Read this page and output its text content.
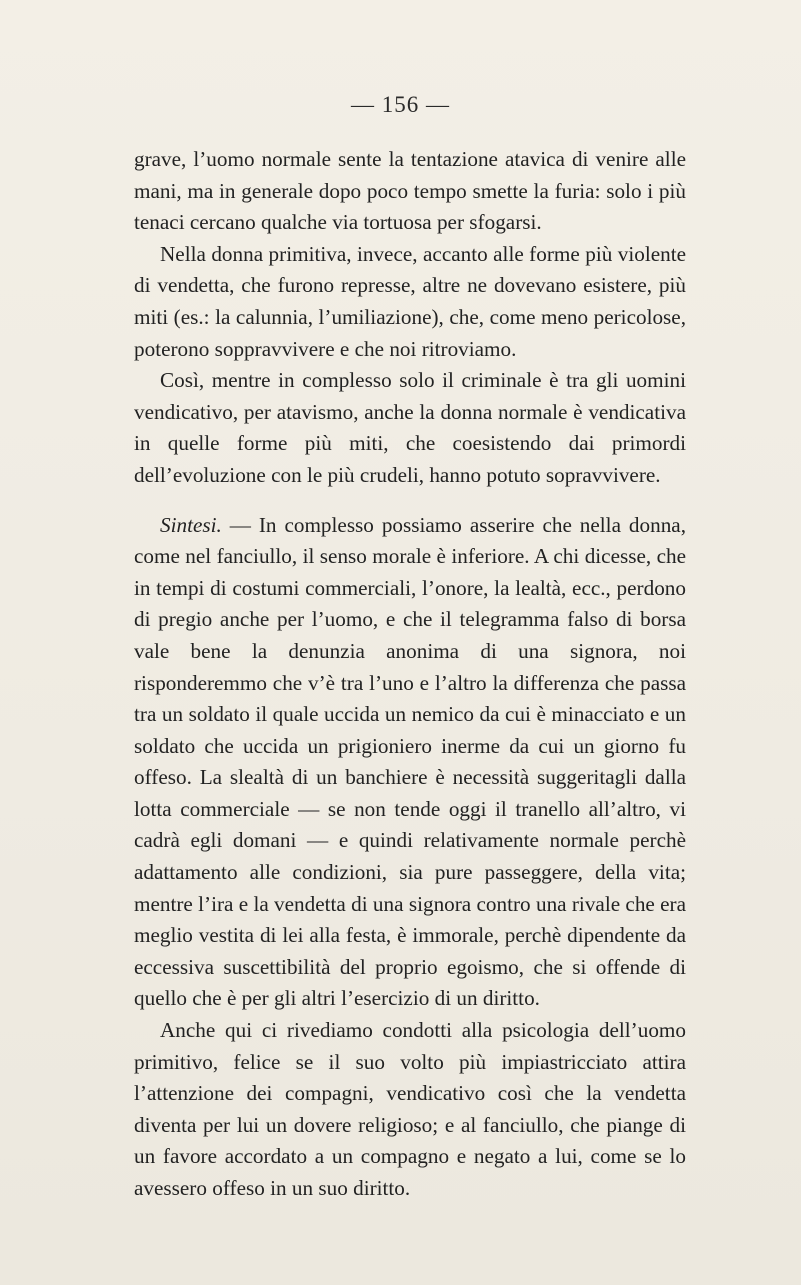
— 156 —

grave, l’uomo normale sente la tentazione atavica di venire alle mani, ma in generale dopo poco tempo smette la furia: solo i più tenaci cercano qualche via tortuosa per sfogarsi.

Nella donna primitiva, invece, accanto alle forme più violente di vendetta, che furono represse, altre ne dovevano esistere, più miti (es.: la calunnia, l’umiliazione), che, come meno pericolose, poterono soppravvivere e che noi ritroviamo.

Così, mentre in complesso solo il criminale è tra gli uomini vendicativo, per atavismo, anche la donna normale è vendicativa in quelle forme più miti, che coesistendo dai primordi dell’evoluzione con le più crudeli, hanno potuto sopravvivere.

Sintesi. — In complesso possiamo asserire che nella donna, come nel fanciullo, il senso morale è inferiore. A chi dicesse, che in tempi di costumi commerciali, l’onore, la lealtà, ecc., perdono di pregio anche per l’uomo, e che il telegramma falso di borsa vale bene la denunzia anonima di una signora, noi risponderemmo che v’è tra l’uno e l’altro la differenza che passa tra un soldato il quale uccida un nemico da cui è minacciato e un soldato che uccida un prigioniero inerme da cui un giorno fu offeso. La slealtà di un banchiere è necessità suggeritagli dalla lotta commerciale — se non tende oggi il tranello all’altro, vi cadrà egli domani — e quindi relativamente normale perchè adattamento alle condizioni, sia pure passeggere, della vita; mentre l’ira e la vendetta di una signora contro una rivale che era meglio vestita di lei alla festa, è immorale, perchè dipendente da eccessiva suscettibilità del proprio egoismo, che si offende di quello che è per gli altri l’esercizio di un diritto.

Anche qui ci rivediamo condotti alla psicologia dell’uomo primitivo, felice se il suo volto più impiastricciato attira l’attenzione dei compagni, vendicativo così che la vendetta diventa per lui un dovere religioso; e al fanciullo, che piange di un favore accordato a un compagno e negato a lui, come se lo avessero offeso in un suo diritto.
